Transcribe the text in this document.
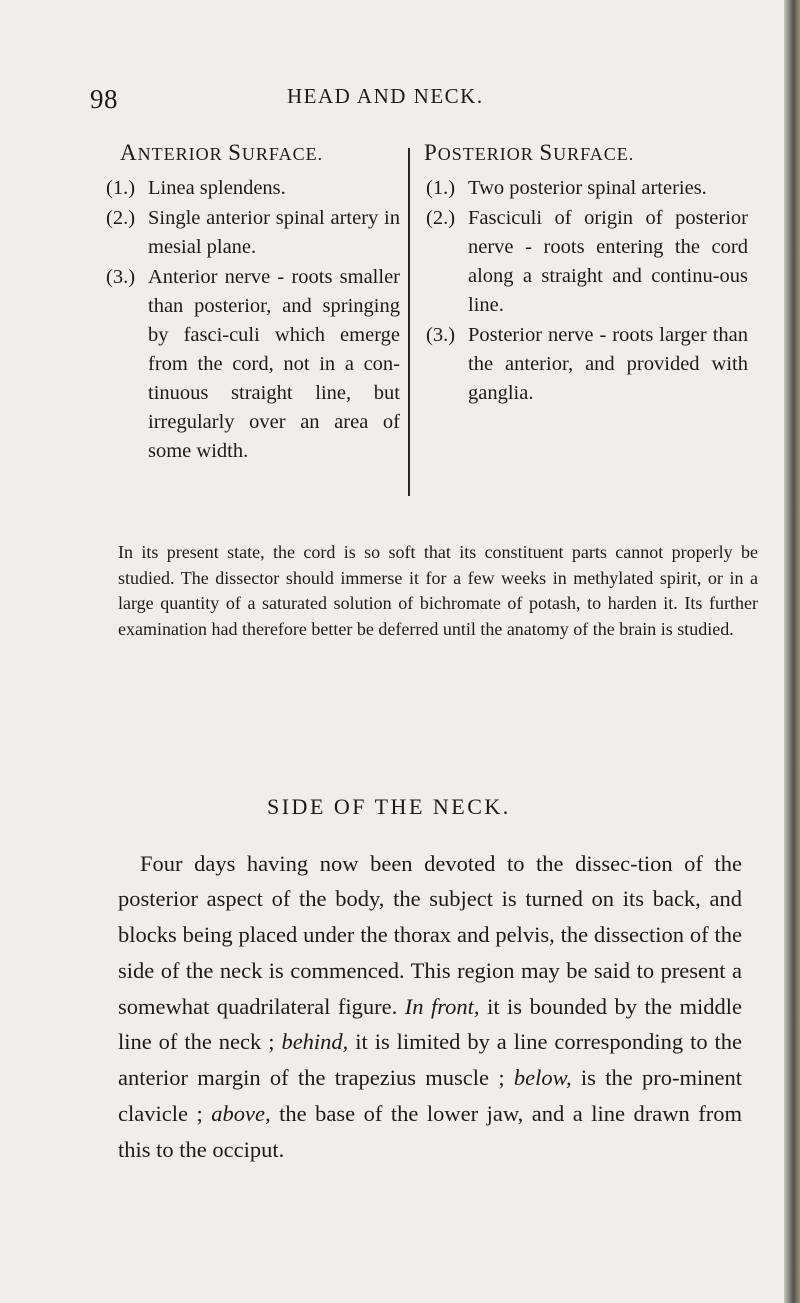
98	HEAD AND NECK.
ANTERIOR SURFACE.
(1.) Linea splendens.
(2.) Single anterior spinal artery in mesial plane.
(3.) Anterior nerve - roots smaller than posterior, and springing by fasci-culi which emerge from the cord, not in a con-tinuous straight line, but irregularly over an area of some width.
POSTERIOR SURFACE.
(1.) Two posterior spinal arteries.
(2.) Fasciculi of origin of posterior nerve - roots entering the cord along a straight and continu-ous line.
(3.) Posterior nerve - roots larger than the anterior, and provided with ganglia.

In its present state, the cord is so soft that its constituent parts cannot properly be studied. The dissector should immerse it for a few weeks in methylated spirit, or in a large quantity of a saturated solution of bichromate of potash, to harden it. Its further examination had therefore better be deferred until the anatomy of the brain is studied.

SIDE OF THE NECK.

Four days having now been devoted to the dissec-tion of the posterior aspect of the body, the subject is turned on its back, and blocks being placed under the thorax and pelvis, the dissection of the side of the neck is commenced. This region may be said to present a somewhat quadrilateral figure. In front, it is bounded by the middle line of the neck ; behind, it is limited by a line corresponding to the anterior margin of the trapezius muscle ; below, is the pro-minent clavicle ; above, the base of the lower jaw, and a line drawn from this to the occiput.
